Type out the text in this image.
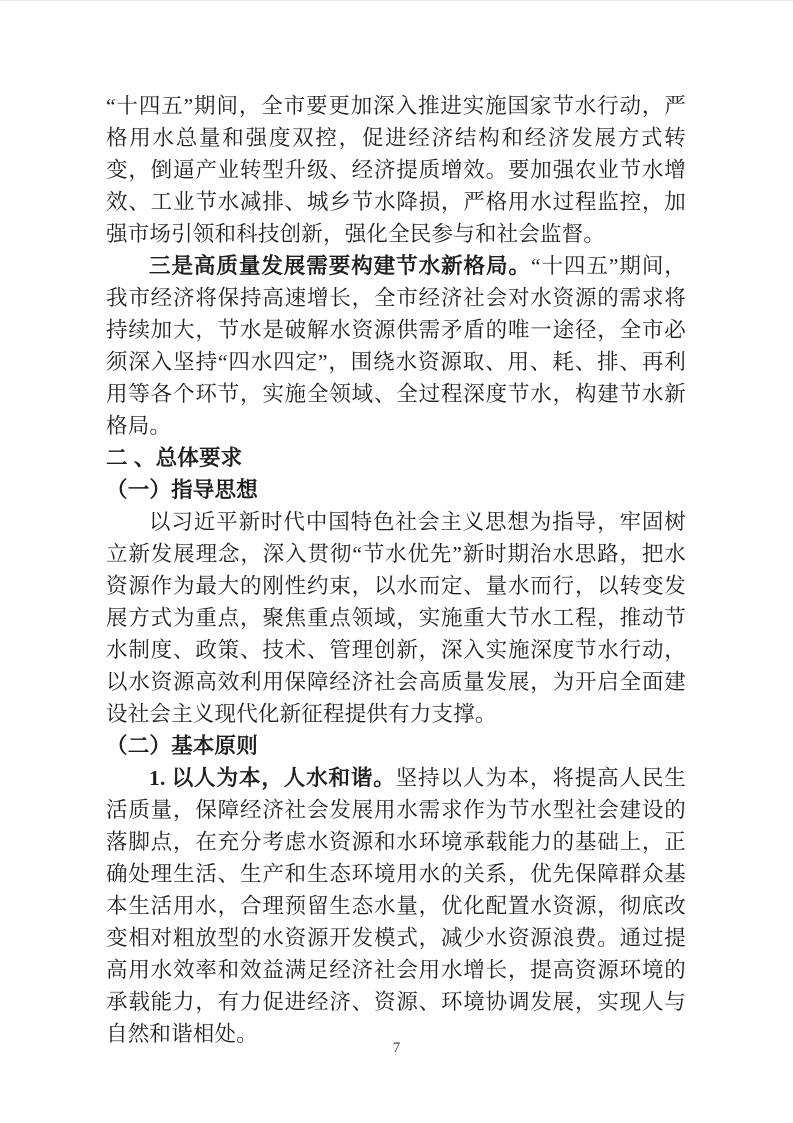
“十四五”期间，全市要更加深入推进实施国家节水行动，严格用水总量和强度双控，促进经济结构和经济发展方式转变，倒逼产业转型升级、经济提质增效。要加强农业节水增效、工业节水减排、城乡节水降损，严格用水过程监控，加强市场引领和科技创新，强化全民参与和社会监督。

三是高质量发展需要构建节水新格局。“十四五”期间，我市经济将保持高速增长，全市经济社会对水资源的需求将持续加大，节水是破解水资源供需矛盾的唯一途径，全市必须深入坚持“四水四定”，围绕水资源取、用、耗、排、再利用等各个环节，实施全领域、全过程深度节水，构建节水新格局。

二 、总体要求

（一）指导思想

以习近平新时代中国特色社会主义思想为指导，牢固树立新发展理念，深入贯彻“节水优先”新时期治水思路，把水资源作为最大的刚性约束，以水而定、量水而行，以转变发展方式为重点，聚焦重点领域，实施重大节水工程，推动节水制度、政策、技术、管理创新，深入实施深度节水行动，以水资源高效利用保障经济社会高质量发展，为开启全面建设社会主义现代化新征程提供有力支撑。

（二）基本原则

1. 以人为本，人水和谐。坚持以人为本，将提高人民生活质量，保障经济社会发展用水需求作为节水型社会建设的落脚点，在充分考虑水资源和水环境承载能力的基础上，正确处理生活、生产和生态环境用水的关系，优先保障群众基本生活用水，合理预留生态水量，优化配置水资源，彻底改变相对粗放型的水资源开发模式，减少水资源浪费。通过提高用水效率和效益满足经济社会用水增长，提高资源环境的承载能力，有力促进经济、资源、环境协调发展，实现人与自然和谐相处。

7
